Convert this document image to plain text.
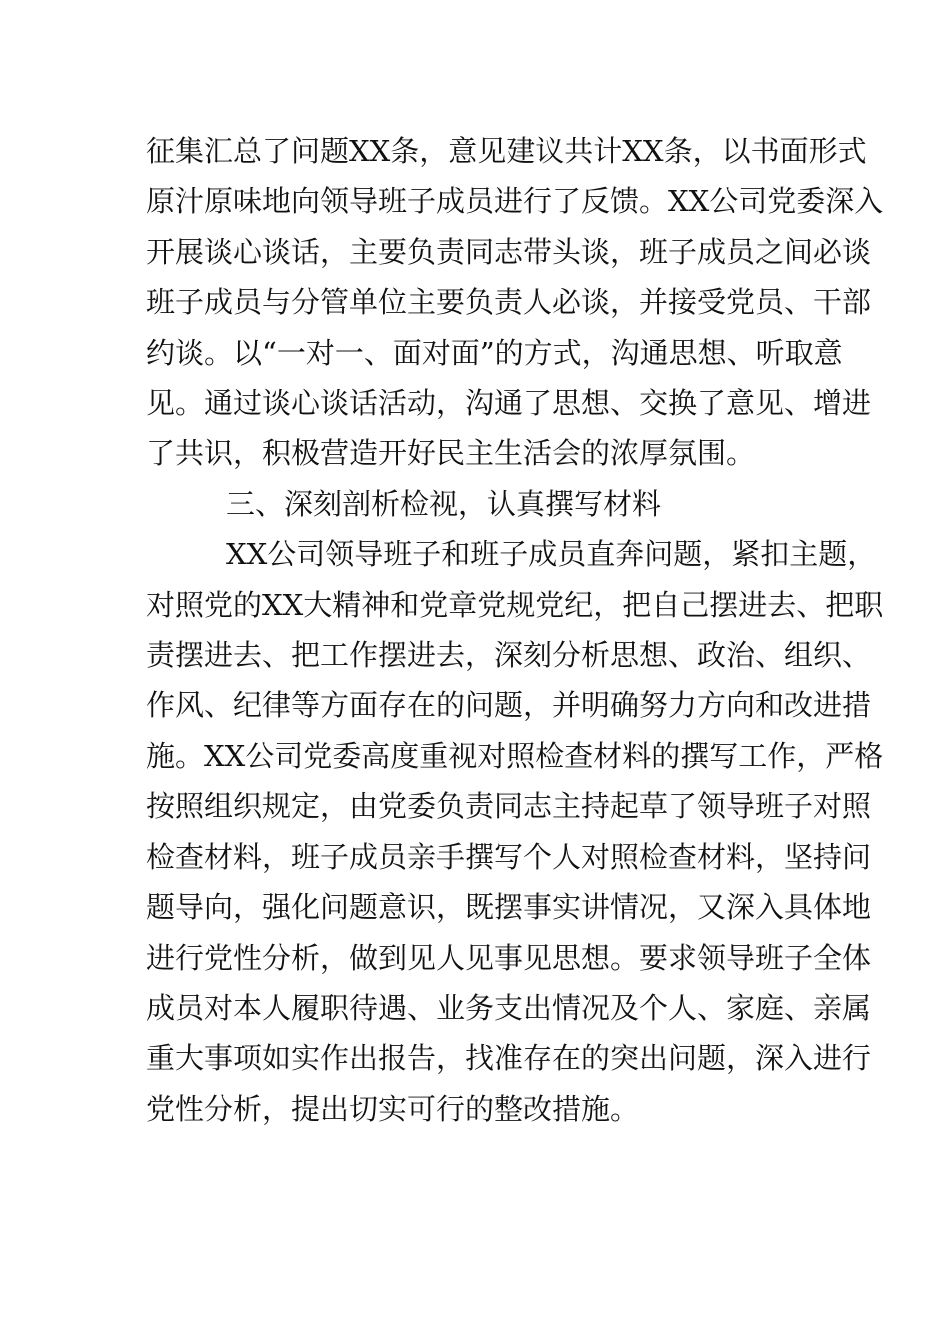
征集汇总了问题XX条，意见建议共计XX条，以书面形式
原汁原味地向领导班子成员进行了反馈。XX公司党委深入
开展谈心谈话，主要负责同志带头谈，班子成员之间必谈
班子成员与分管单位主要负责人必谈，并接受党员、干部
约谈。以“一对一、面对面”的方式，沟通思想、听取意
见。通过谈心谈话活动，沟通了思想、交换了意见、增进
了共识，积极营造开好民主生活会的浓厚氛围。
三、深刻剖析检视，认真撰写材料
XX公司领导班子和班子成员直奔问题，紧扣主题，
对照党的XX大精神和党章党规党纪，把自己摆进去、把职
责摆进去、把工作摆进去，深刻分析思想、政治、组织、
作风、纪律等方面存在的问题，并明确努力方向和改进措
施。XX公司党委高度重视对照检查材料的撰写工作，严格
按照组织规定，由党委负责同志主持起草了领导班子对照
检查材料，班子成员亲手撰写个人对照检查材料，坚持问
题导向，强化问题意识，既摆事实讲情况，又深入具体地
进行党性分析，做到见人见事见思想。要求领导班子全体
成员对本人履职待遇、业务支出情况及个人、家庭、亲属
重大事项如实作出报告，找准存在的突出问题，深入进行
党性分析，提出切实可行的整改措施。
